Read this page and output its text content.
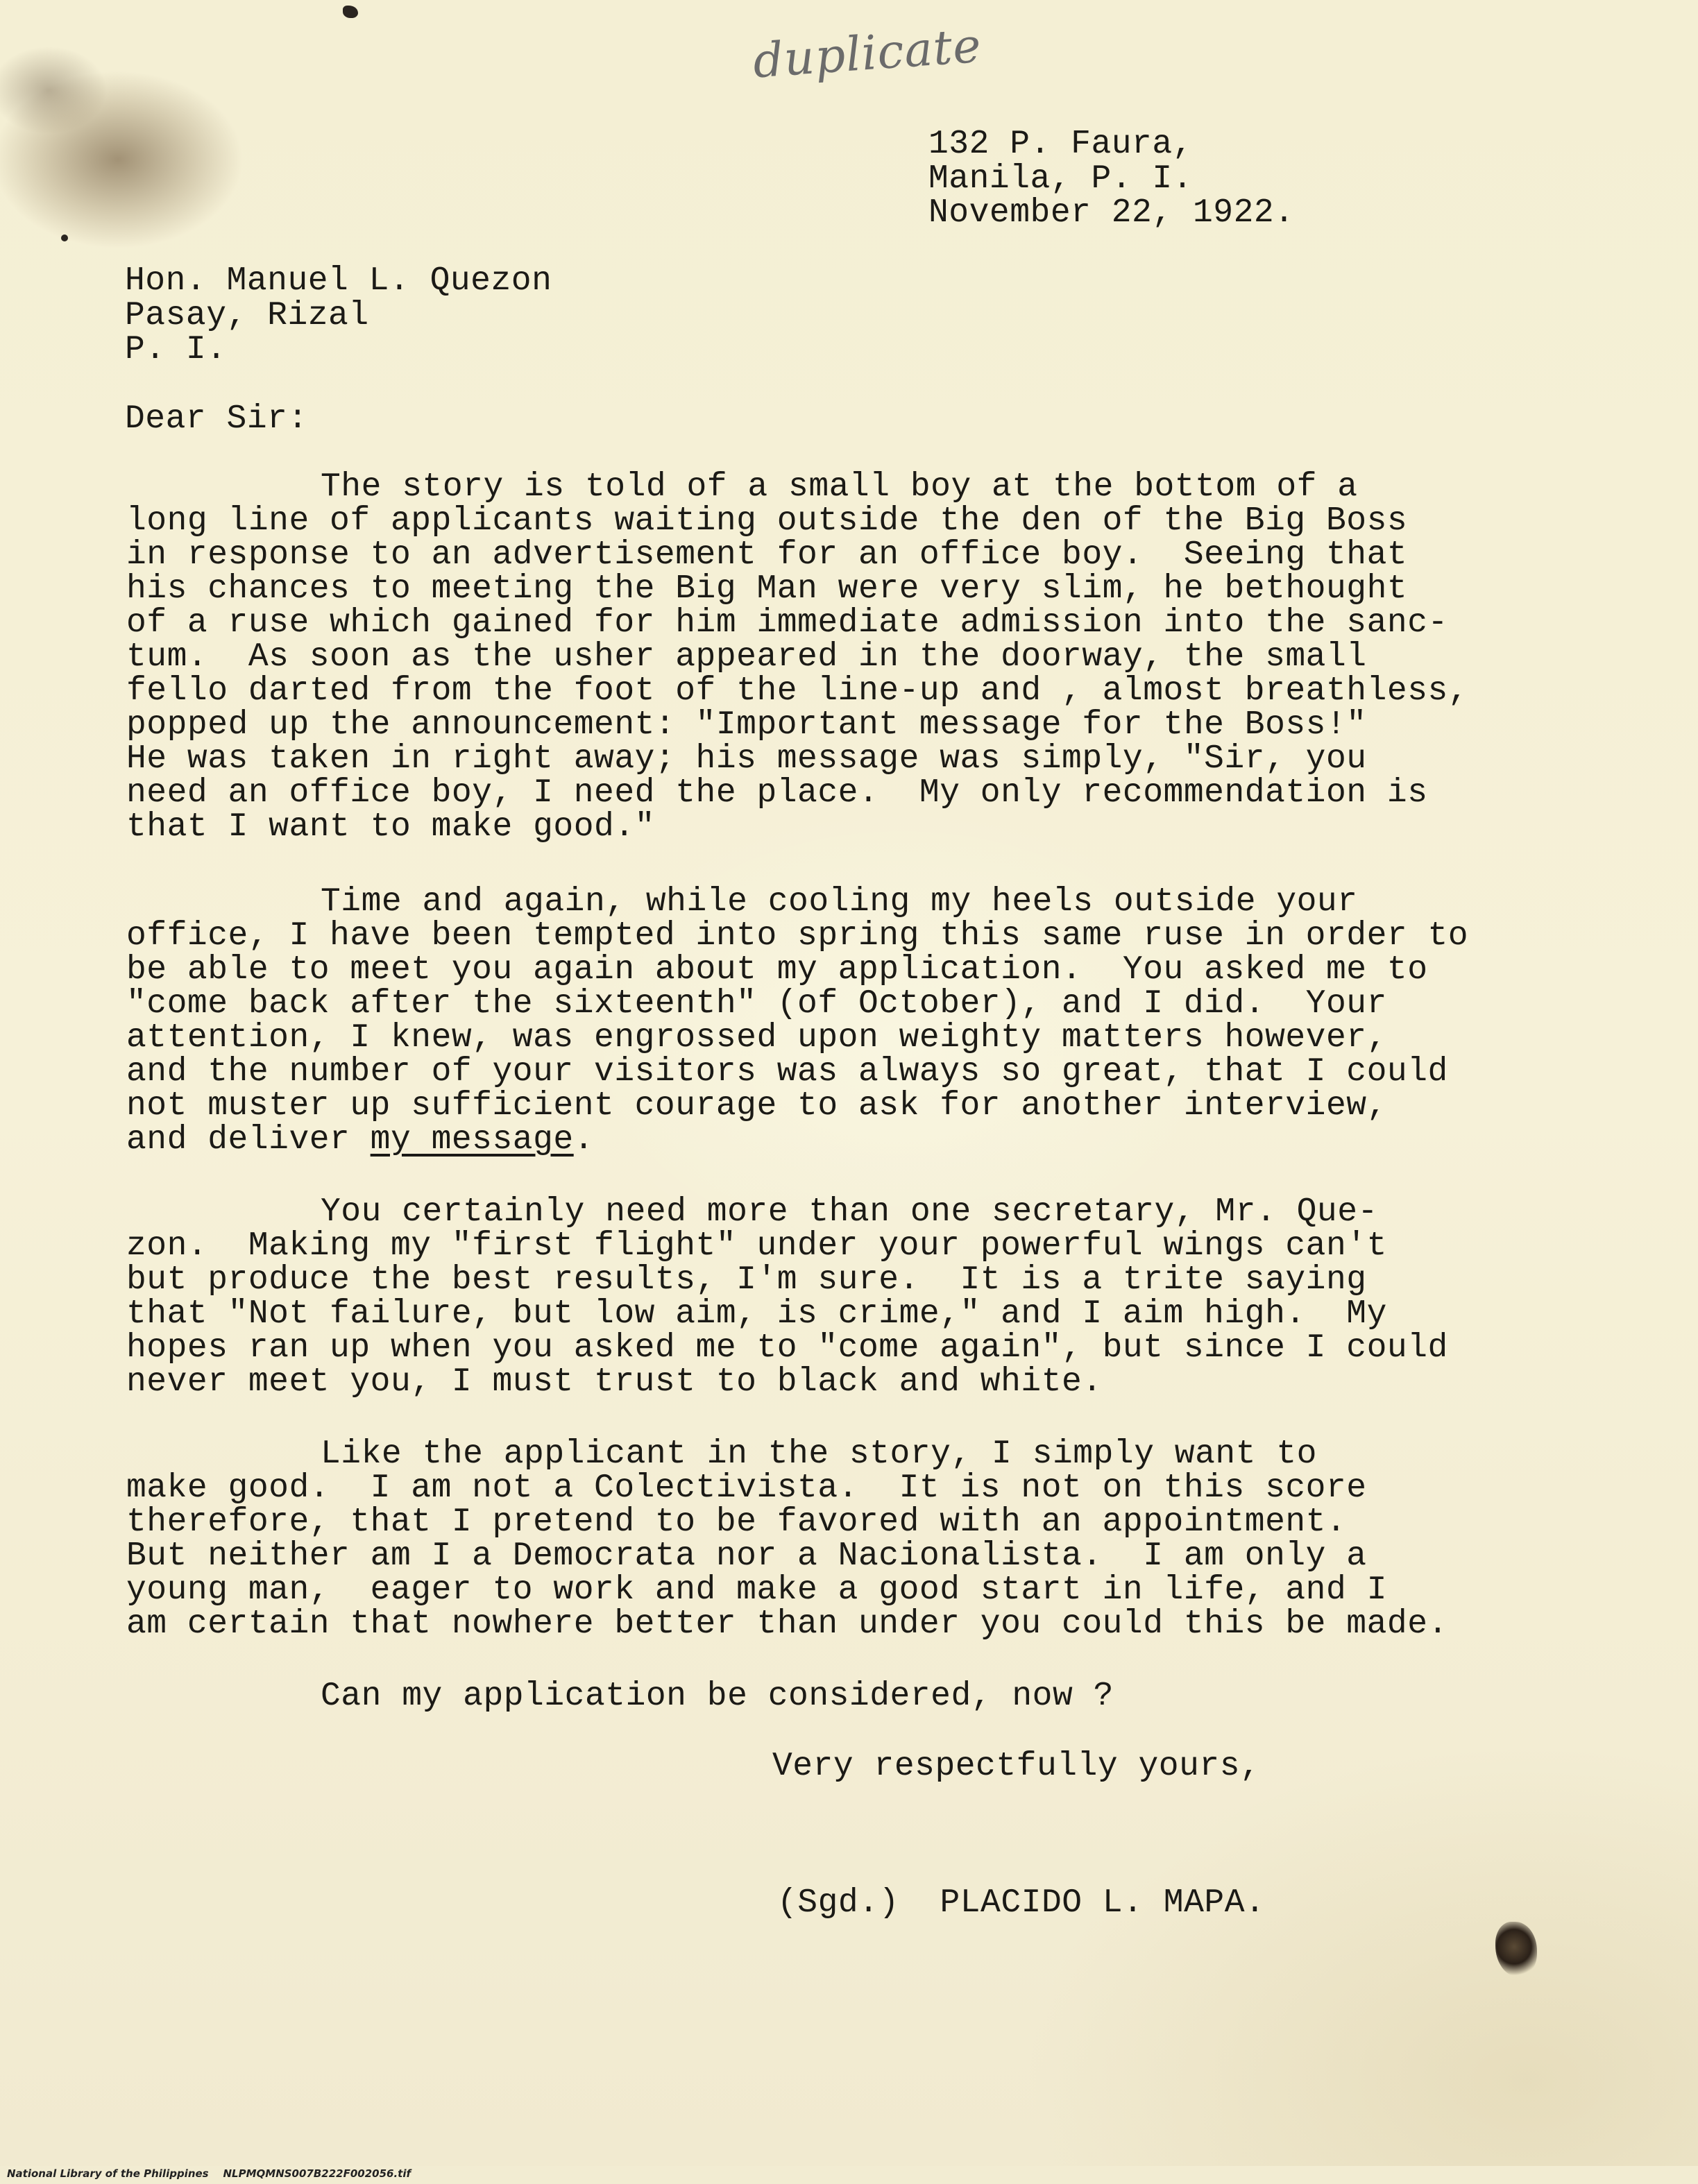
duplicate
132 P. Faura,
Manila, P. I.
November 22, 1922.
Hon. Manuel L. Quezon
Pasay, Rizal
P. I.
Dear Sir:
The story is told of a small boy at the bottom of a
long line of applicants waiting outside the den of the Big Boss
in response to an advertisement for an office boy.  Seeing that
his chances to meeting the Big Man were very slim, he bethought
of a ruse which gained for him immediate admission into the sanc-
tum.  As soon as the usher appeared in the doorway, the small
fello darted from the foot of the line-up and , almost breathless,
popped up the announcement: "Important message for the Boss!"
He was taken in right away; his message was simply, "Sir, you
need an office boy, I need the place.  My only recommendation is
that I want to make good."
Time and again, while cooling my heels outside your
office, I have been tempted into spring this same ruse in order to
be able to meet you again about my application.  You asked me to
"come back after the sixteenth" (of October), and I did.  Your
attention, I knew, was engrossed upon weighty matters however,
and the number of your visitors was always so great, that I could
not muster up sufficient courage to ask for another interview,
and deliver my message.
You certainly need more than one secretary, Mr. Que-
zon.  Making my "first flight" under your powerful wings can't
but produce the best results, I'm sure.  It is a trite saying
that "Not failure, but low aim, is crime," and I aim high.  My
hopes ran up when you asked me to "come again", but since I could
never meet you, I must trust to black and white.
Like the applicant in the story, I simply want to
make good.  I am not a Colectivista.  It is not on this score
therefore, that I pretend to be favored with an appointment.
But neither am I a Democrata nor a Nacionalista.  I am only a
young man,  eager to work and make a good start in life, and I
am certain that nowhere better than under you could this be made.
Can my application be considered, now ?
Very respectfully yours,
(Sgd.)  PLACIDO L. MAPA.
National Library of the Philippines    NLPMQMNS007B222F002056.tif
